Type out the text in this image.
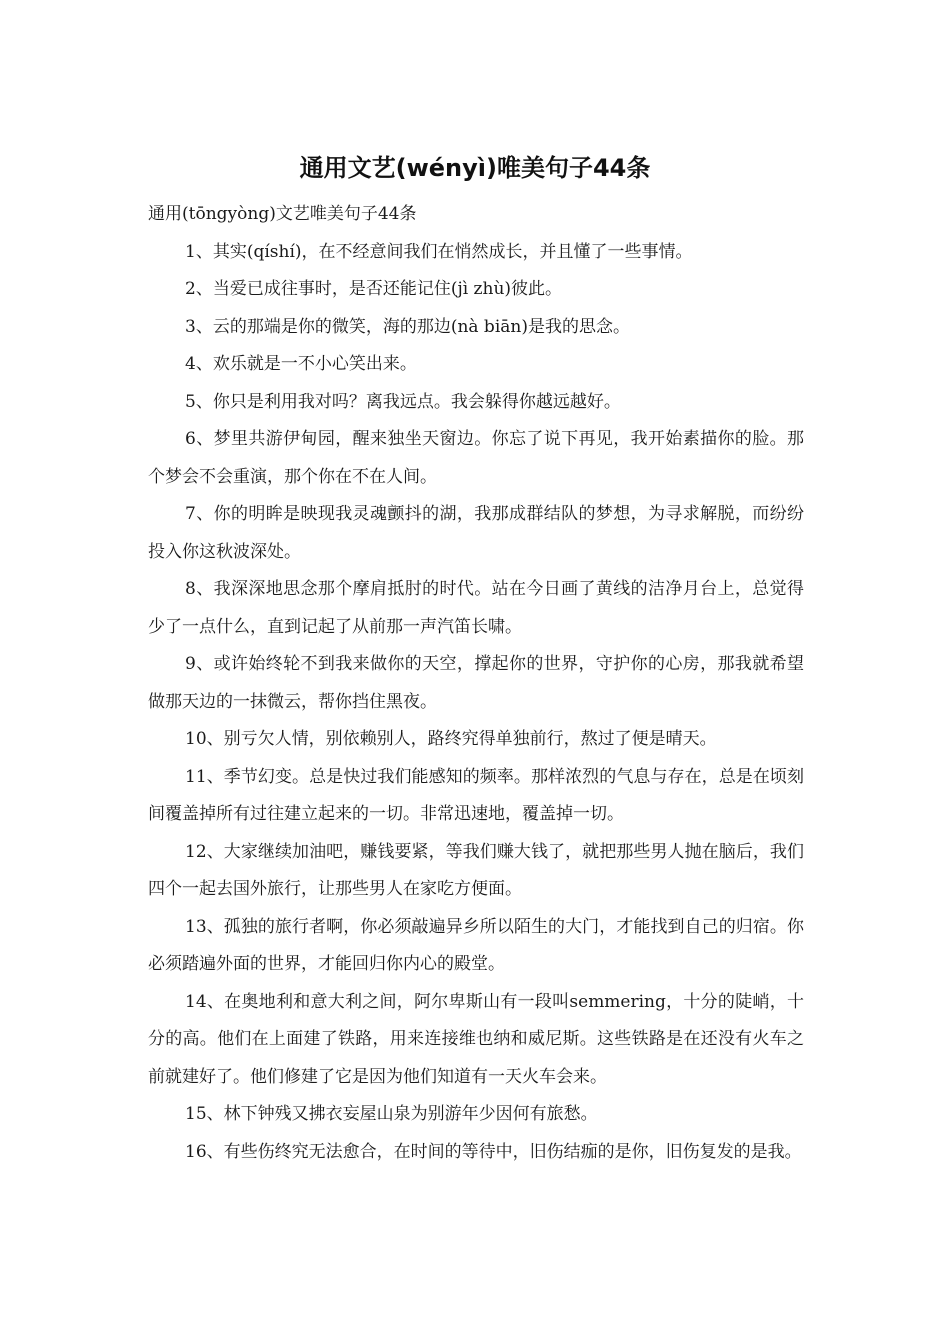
通用文艺(wényì)唯美句子44条

通用(tōngyòng)文艺唯美句子44条

1、其实(qíshí)，在不经意间我们在悄然成长，并且懂了一些事情。

2、当爱已成往事时，是否还能记住(jì zhù)彼此。

3、云的那端是你的微笑，海的那边(nà biān)是我的思念。

4、欢乐就是一不小心笑出来。

5、你只是利用我对吗？离我远点。我会躲得你越远越好。

6、梦里共游伊甸园，醒来独坐天窗边。你忘了说下再见，我开始素描你的脸。那个梦会不会重演，那个你在不在人间。

7、你的明眸是映现我灵魂颤抖的湖，我那成群结队的梦想，为寻求解脱，而纷纷投入你这秋波深处。

8、我深深地思念那个摩肩抵肘的时代。站在今日画了黄线的洁净月台上，总觉得少了一点什么，直到记起了从前那一声汽笛长啸。

9、或许始终轮不到我来做你的天空，撑起你的世界，守护你的心房，那我就希望做那天边的一抹微云，帮你挡住黑夜。

10、别亏欠人情，别依赖别人，路终究得单独前行，熬过了便是晴天。

11、季节幻变。总是快过我们能感知的频率。那样浓烈的气息与存在，总是在顷刻间覆盖掉所有过往建立起来的一切。非常迅速地，覆盖掉一切。

12、大家继续加油吧，赚钱要紧，等我们赚大钱了，就把那些男人抛在脑后，我们四个一起去国外旅行，让那些男人在家吃方便面。

13、孤独的旅行者啊，你必须敲遍异乡所以陌生的大门，才能找到自己的归宿。你必须踏遍外面的世界，才能回归你内心的殿堂。

14、在奥地利和意大利之间，阿尔卑斯山有一段叫semmering，十分的陡峭，十分的高。他们在上面建了铁路，用来连接维也纳和威尼斯。这些铁路是在还没有火车之前就建好了。他们修建了它是因为他们知道有一天火车会来。

15、林下钟残又拂衣妄屋山泉为别游年少因何有旅愁。

16、有些伤终究无法愈合，在时间的等待中，旧伤结痂的是你，旧伤复发的是我。
